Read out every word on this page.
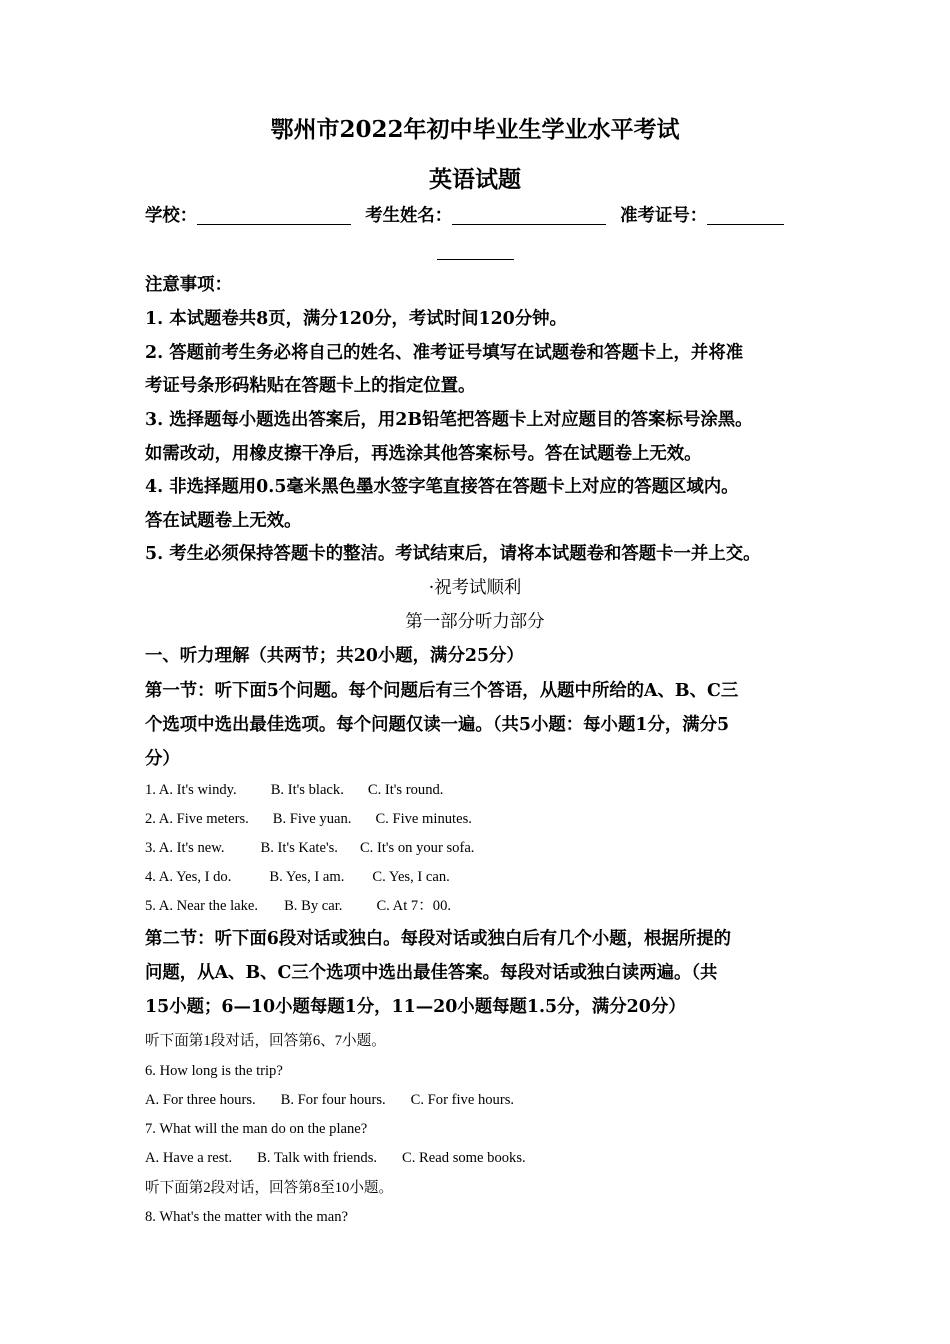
鄂州市2022年初中毕业生学业水平考试
英语试题
学校：	考生姓名：	准考证号：
注意事项：
1. 本试题卷共8页，满分120分，考试时间120分钟。
2. 答题前考生务必将自己的姓名、准考证号填写在试题卷和答题卡上，并将准
考证号条形码粘贴在答题卡上的指定位置。
3. 选择题每小题选出答案后，用2B铅笔把答题卡上对应题目的答案标号涂黑。
如需改动，用橡皮擦干净后，再选涂其他答案标号。答在试题卷上无效。
4. 非选择题用0.5毫米黑色墨水签字笔直接答在答题卡上对应的答题区域内。
答在试题卷上无效。
5. 考生必须保持答题卡的整洁。考试结束后，请将本试题卷和答题卡一并上交。
·祝考试顺利
第一部分听力部分
一、听力理解（共两节；共20小题，满分25分）
第一节：听下面5个问题。每个问题后有三个答语，从题中所给的A、B、C三
个选项中选出最佳选项。每个问题仅读一遍。（共5小题：每小题1分，满分5
分）
1. A. It's windy. B. It's black. C. It's round.
2. A. Five meters. B. Five yuan. C. Five minutes.
3. A. It's new. B. It's Kate's. C. It's on your sofa.
4. A. Yes, I do.	B. Yes, I am. C. Yes, I can.
5. A. Near the lake. B. By car. C. At 7：00.
第二节：听下面6段对话或独白。每段对话或独白后有几个小题，根据所提的
问题，从A、B、C三个选项中选出最佳答案。每段对话或独白读两遍。（共
15小题；6—10小题每题1分，11—20小题每题1.5分，满分20分）
听下面第1段对话，回答第6、7小题。
6. How long is the trip?
A. For three hours. B. For four hours. C. For five hours.
7. What will the man do on the plane?
A. Have a rest. B. Talk with friends. C. Read some books.
听下面第2段对话，回答第8至10小题。
8. What's the matter with the man?
